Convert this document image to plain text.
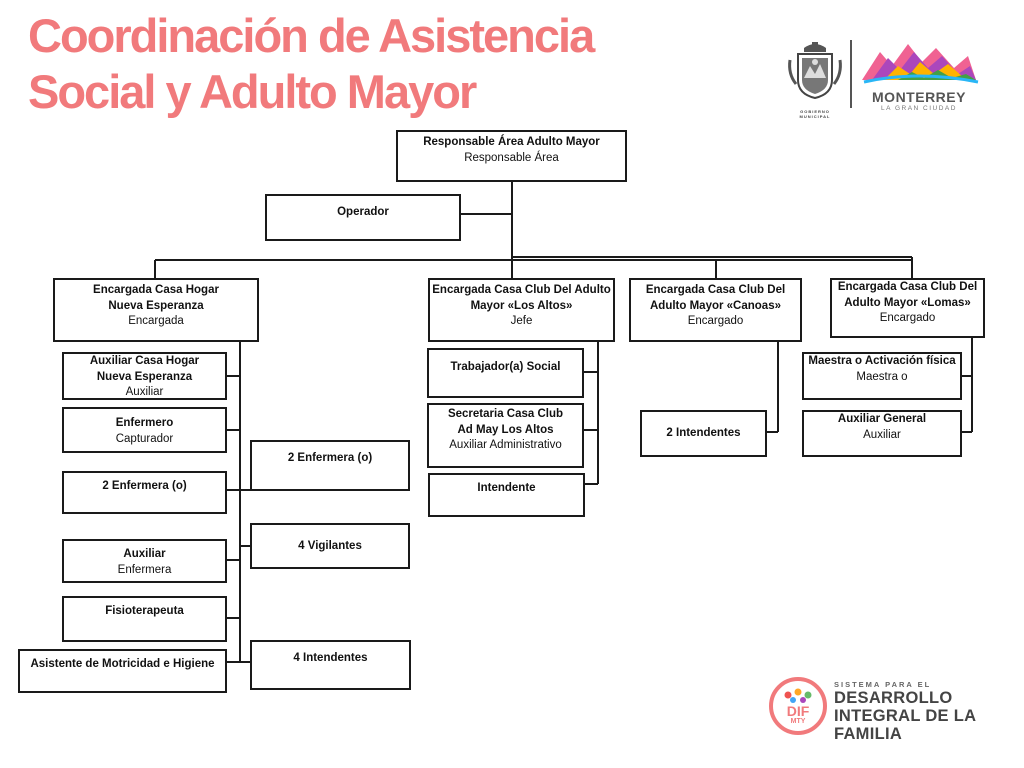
Coordinación de Asistencia
Social y Adulto Mayor	GOBIERNO MUNICIPAL
MONTERREY
LA GRAN CIUDAD
Responsable Área Adulto Mayor
Responsable Área
Operador
Encargada Casa Hogar
Nueva Esperanza
Encargada
Encargada Casa Club Del Adulto
Mayor «Los Altos»
Jefe
Encargada Casa Club Del
Adulto Mayor «Canoas»
Encargado
Encargada Casa Club Del
Adulto Mayor «Lomas»
Encargado
Auxiliar Casa Hogar
Nueva Esperanza
Auxiliar
Enfermero
Capturador
2 Enfermera (o)
Auxiliar
Enfermera
Fisioterapeuta
Asistente de Motricidad e Higiene
2 Enfermera (o)
4 Vigilantes
4 Intendentes
Trabajador(a) Social
Secretaria Casa Club
Ad May Los Altos
Auxiliar Administrativo
Intendente
2 Intendentes
Maestra o Activación física
Maestra o
Auxiliar General
Auxiliar
DIF
MTY
SISTEMA PARA EL
DESARROLLO
INTEGRAL DE LA
FAMILIA
